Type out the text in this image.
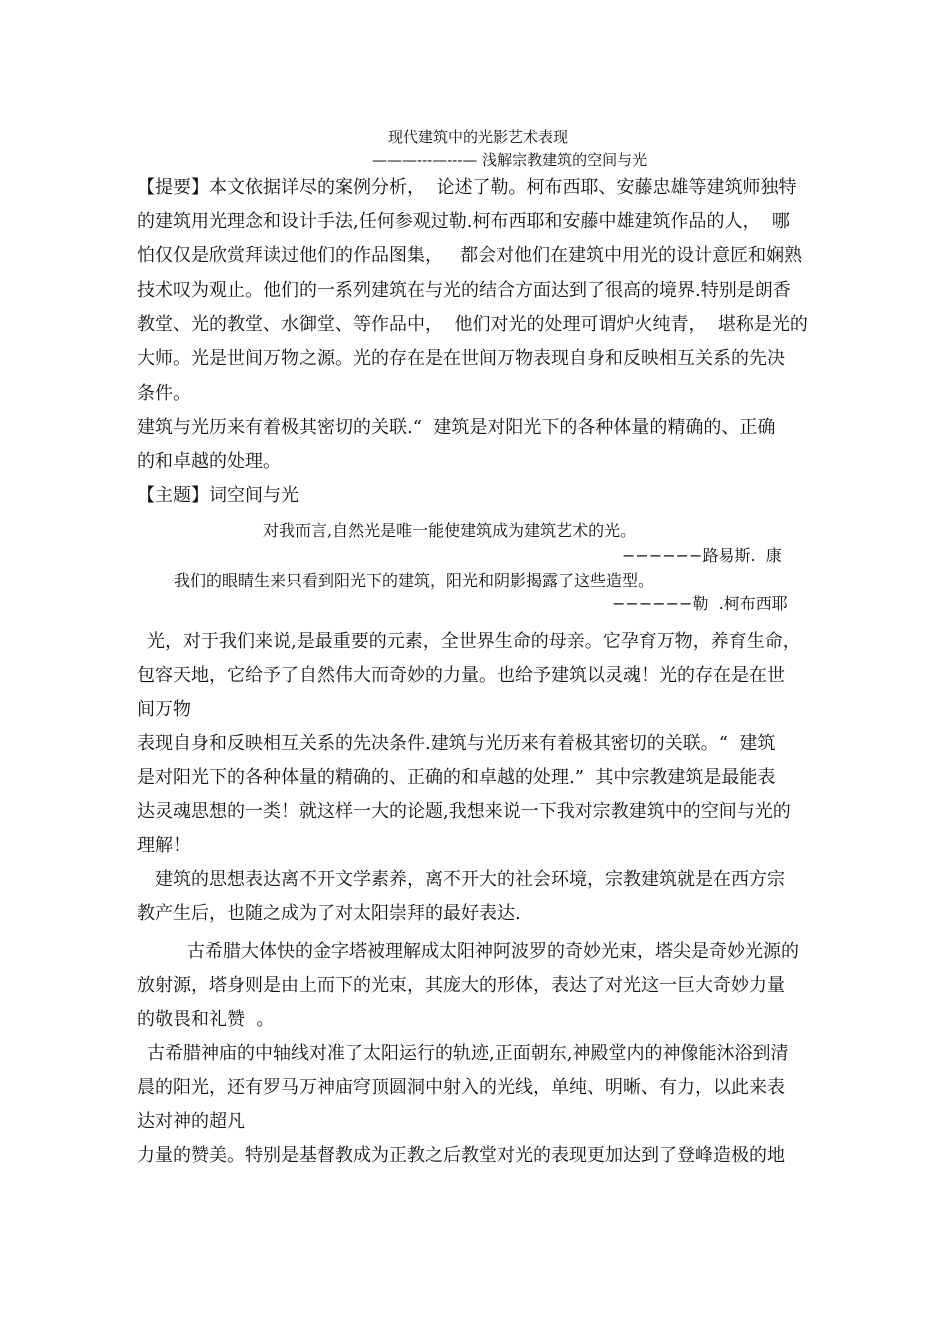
现代建筑中的光影艺术表现
———---—---— 浅解宗教建筑的空间与光
【提要】本文依据详尽的案例分析，  论述了勒。柯布西耶、安藤忠雄等建筑师独特
的建筑用光理念和设计手法,任何参观过勒.柯布西耶和安藤中雄建筑作品的人，  哪
怕仅仅是欣赏拜读过他们的作品图集，   都会对他们在建筑中用光的设计意匠和娴熟
技术叹为观止。他们的一系列建筑在与光的结合方面达到了很高的境界.特别是朗香
教堂、光的教堂、水御堂、等作品中，  他们对光的处理可谓炉火纯青，  堪称是光的
大师。光是世间万物之源。光的存在是在世间万物表现自身和反映相互关系的先决
条件。
建筑与光历来有着极其密切的关联.“  建筑是对阳光下的各种体量的精确的、正确
的和卓越的处理。
【主题】词空间与光
对我而言,自然光是唯一能使建筑成为建筑艺术的光。
−−−−−−路易斯.  康
我们的眼睛生来只看到阳光下的建筑，阳光和阴影揭露了这些造型。
−−−−−−勒  .柯布西耶
光，对于我们来说,是最重要的元素，全世界生命的母亲。它孕育万物，养育生命，
包容天地，它给予了自然伟大而奇妙的力量。也给予建筑以灵魂！光的存在是在世
间万物
表现自身和反映相互关系的先决条件.建筑与光历来有着极其密切的关联。“  建筑
是对阳光下的各种体量的精确的、正确的和卓越的处理.”  其中宗教建筑是最能表
达灵魂思想的一类！就这样一大的论题,我想来说一下我对宗教建筑中的空间与光的
理解！
建筑的思想表达离不开文学素养，离不开大的社会环境，宗教建筑就是在西方宗
教产生后，也随之成为了对太阳崇拜的最好表达.
古希腊大体快的金字塔被理解成太阳神阿波罗的奇妙光束，塔尖是奇妙光源的
放射源，塔身则是由上而下的光束，其庞大的形体，表达了对光这一巨大奇妙力量
的敬畏和礼赞  。
古希腊神庙的中轴线对准了太阳运行的轨迹,正面朝东,神殿堂内的神像能沐浴到清
晨的阳光，还有罗马万神庙穹顶圆洞中射入的光线，单纯、明晰、有力，以此来表
达对神的超凡
力量的赞美。特别是基督教成为正教之后教堂对光的表现更加达到了登峰造极的地
